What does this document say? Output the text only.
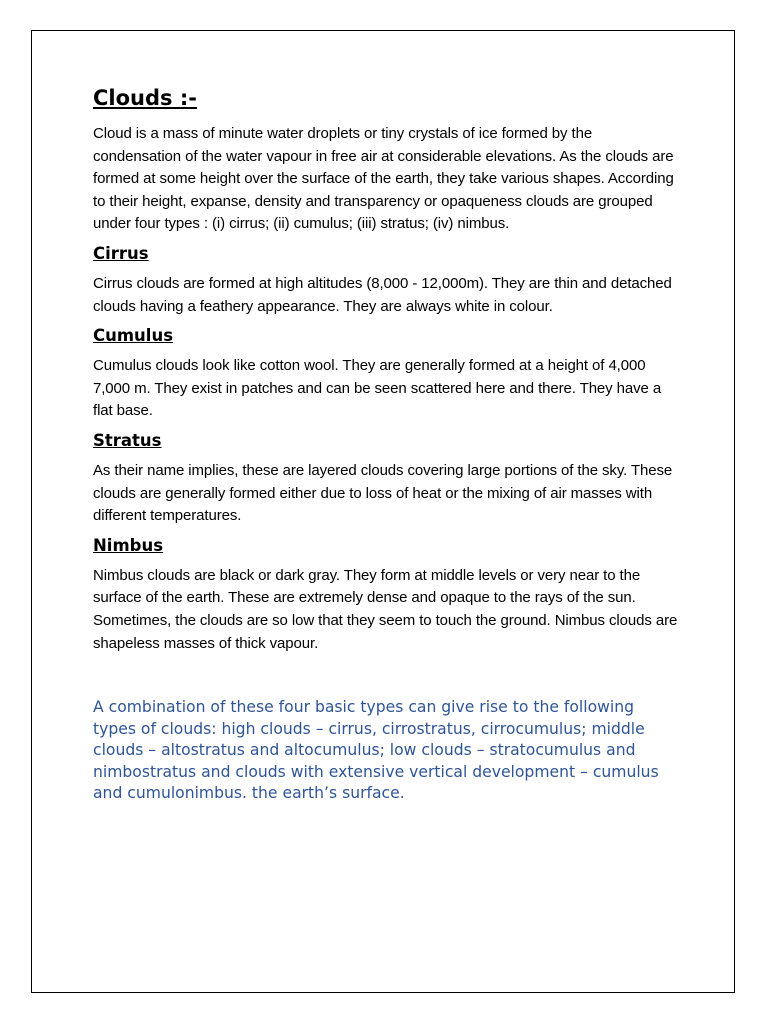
Clouds :-

Cloud is a mass of minute water droplets or tiny crystals of ice formed by the condensation of the water vapour in free air at considerable elevations. As the clouds are formed at some height over the surface of the earth, they take various shapes. According to their height, expanse, density and transparency or opaqueness clouds are grouped under four types : (i) cirrus; (ii) cumulus; (iii) stratus; (iv) nimbus.

Cirrus

Cirrus clouds are formed at high altitudes (8,000 - 12,000m). They are thin and detached clouds having a feathery appearance. They are always white in colour.

Cumulus

Cumulus clouds look like cotton wool. They are generally formed at a height of 4,000 7,000 m. They exist in patches and can be seen scattered here and there. They have a flat base.

Stratus

As their name implies, these are layered clouds covering large portions of the sky. These clouds are generally formed either due to loss of heat or the mixing of air masses with different temperatures.

Nimbus

Nimbus clouds are black or dark gray. They form at middle levels or very near to the surface of the earth. These are extremely dense and opaque to the rays of the sun. Sometimes, the clouds are so low that they seem to touch the ground. Nimbus clouds are shapeless masses of thick vapour.

A combination of these four basic types can give rise to the following types of clouds: high clouds – cirrus, cirrostratus, cirrocumulus; middle clouds – altostratus and altocumulus; low clouds – stratocumulus and nimbostratus and clouds with extensive vertical development – cumulus and cumulonimbus. the earth’s surface.
